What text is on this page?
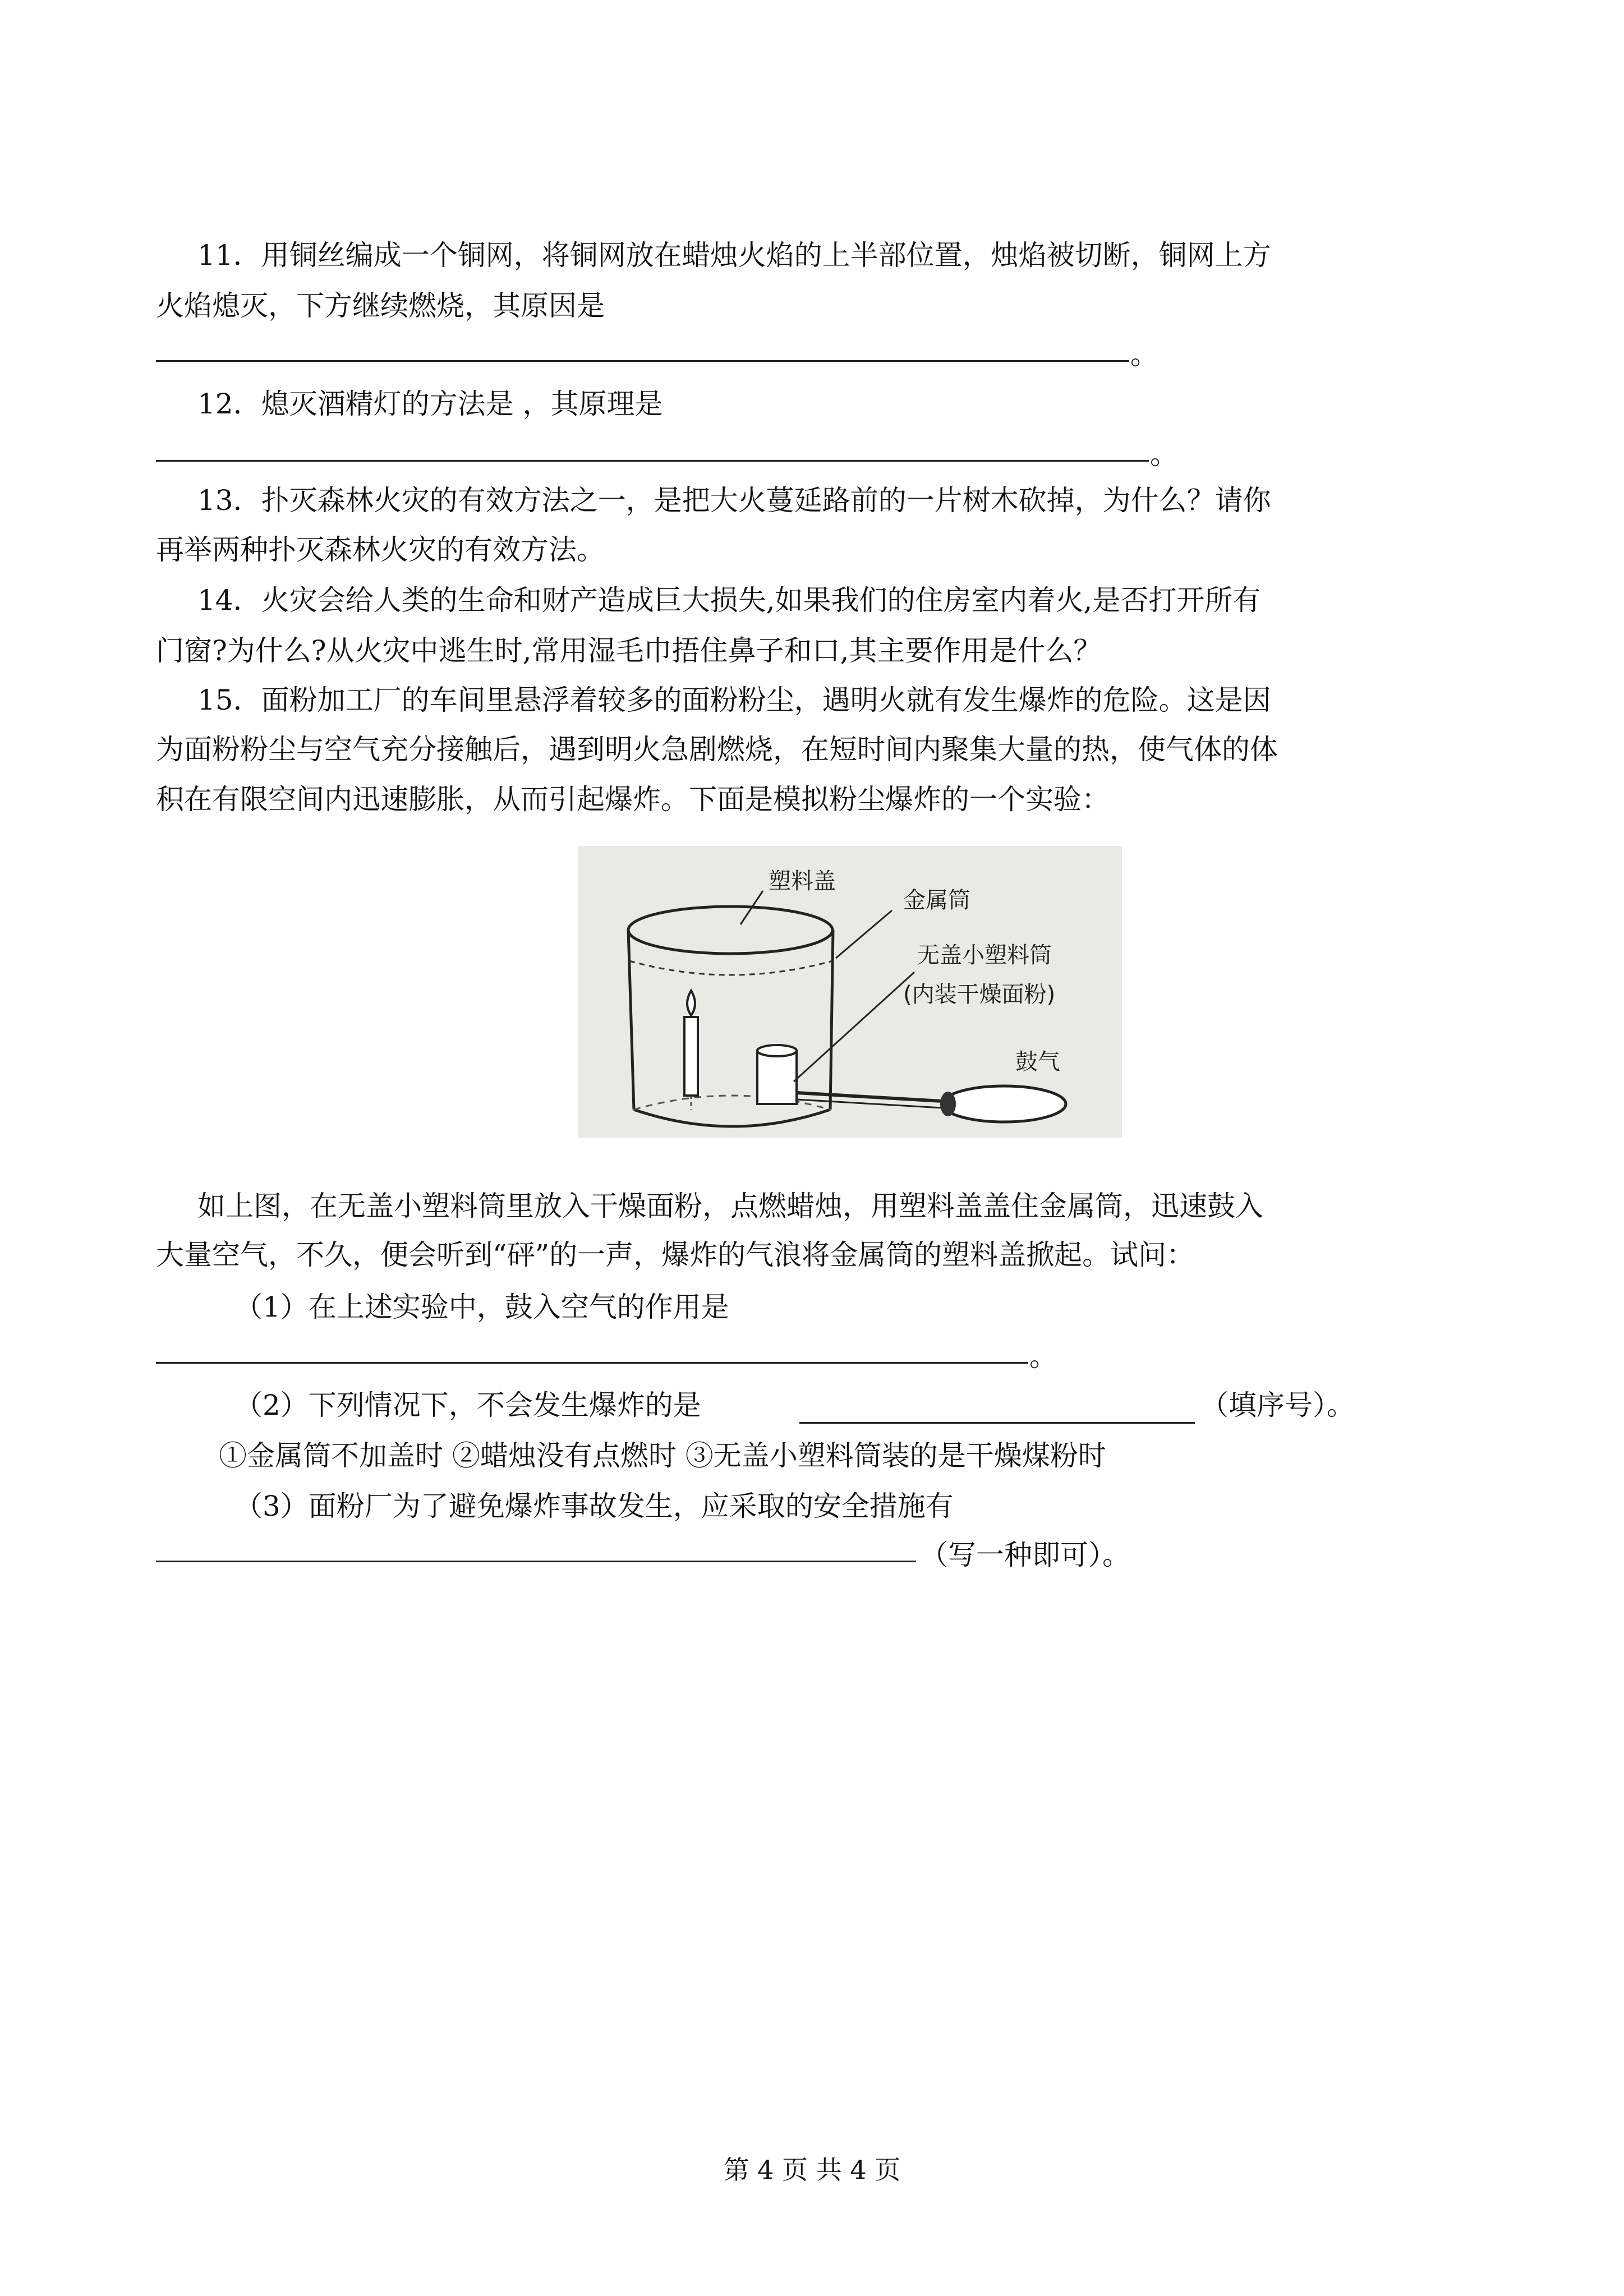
11．用铜丝编成一个铜网，将铜网放在蜡烛火焰的上半部位置，烛焰被切断，铜网上方
火焰熄灭，下方继续燃烧，其原因是
。
12．熄灭酒精灯的方法是 ，其原理是
。
13．扑灭森林火灾的有效方法之一，是把大火蔓延路前的一片树木砍掉，为什么？请你
再举两种扑灭森林火灾的有效方法。
14．火灾会给人类的生命和财产造成巨大损失,如果我们的住房室内着火,是否打开所有
门窗?为什么?从火灾中逃生时,常用湿毛巾捂住鼻子和口,其主要作用是什么？
15．面粉加工厂的车间里悬浮着较多的面粉粉尘，遇明火就有发生爆炸的危险。这是因
为面粉粉尘与空气充分接触后，遇到明火急剧燃烧，在短时间内聚集大量的热，使气体的体
积在有限空间内迅速膨胀，从而引起爆炸。下面是模拟粉尘爆炸的一个实验：
塑料盖
金属筒
无盖小塑料筒
(内装干燥面粉)
鼓气
如上图，在无盖小塑料筒里放入干燥面粉，点燃蜡烛，用塑料盖盖住金属筒，迅速鼓入
大量空气，不久，便会听到“砰”的一声，爆炸的气浪将金属筒的塑料盖掀起。试问：
（1）在上述实验中，鼓入空气的作用是
。
（2）下列情况下，不会发生爆炸的是	（填序号）。
①金属筒不加盖时 ②蜡烛没有点燃时 ③无盖小塑料筒装的是干燥煤粉时
（3）面粉厂为了避免爆炸事故发生，应采取的安全措施有
（写一种即可）。
第 4 页 共 4 页
